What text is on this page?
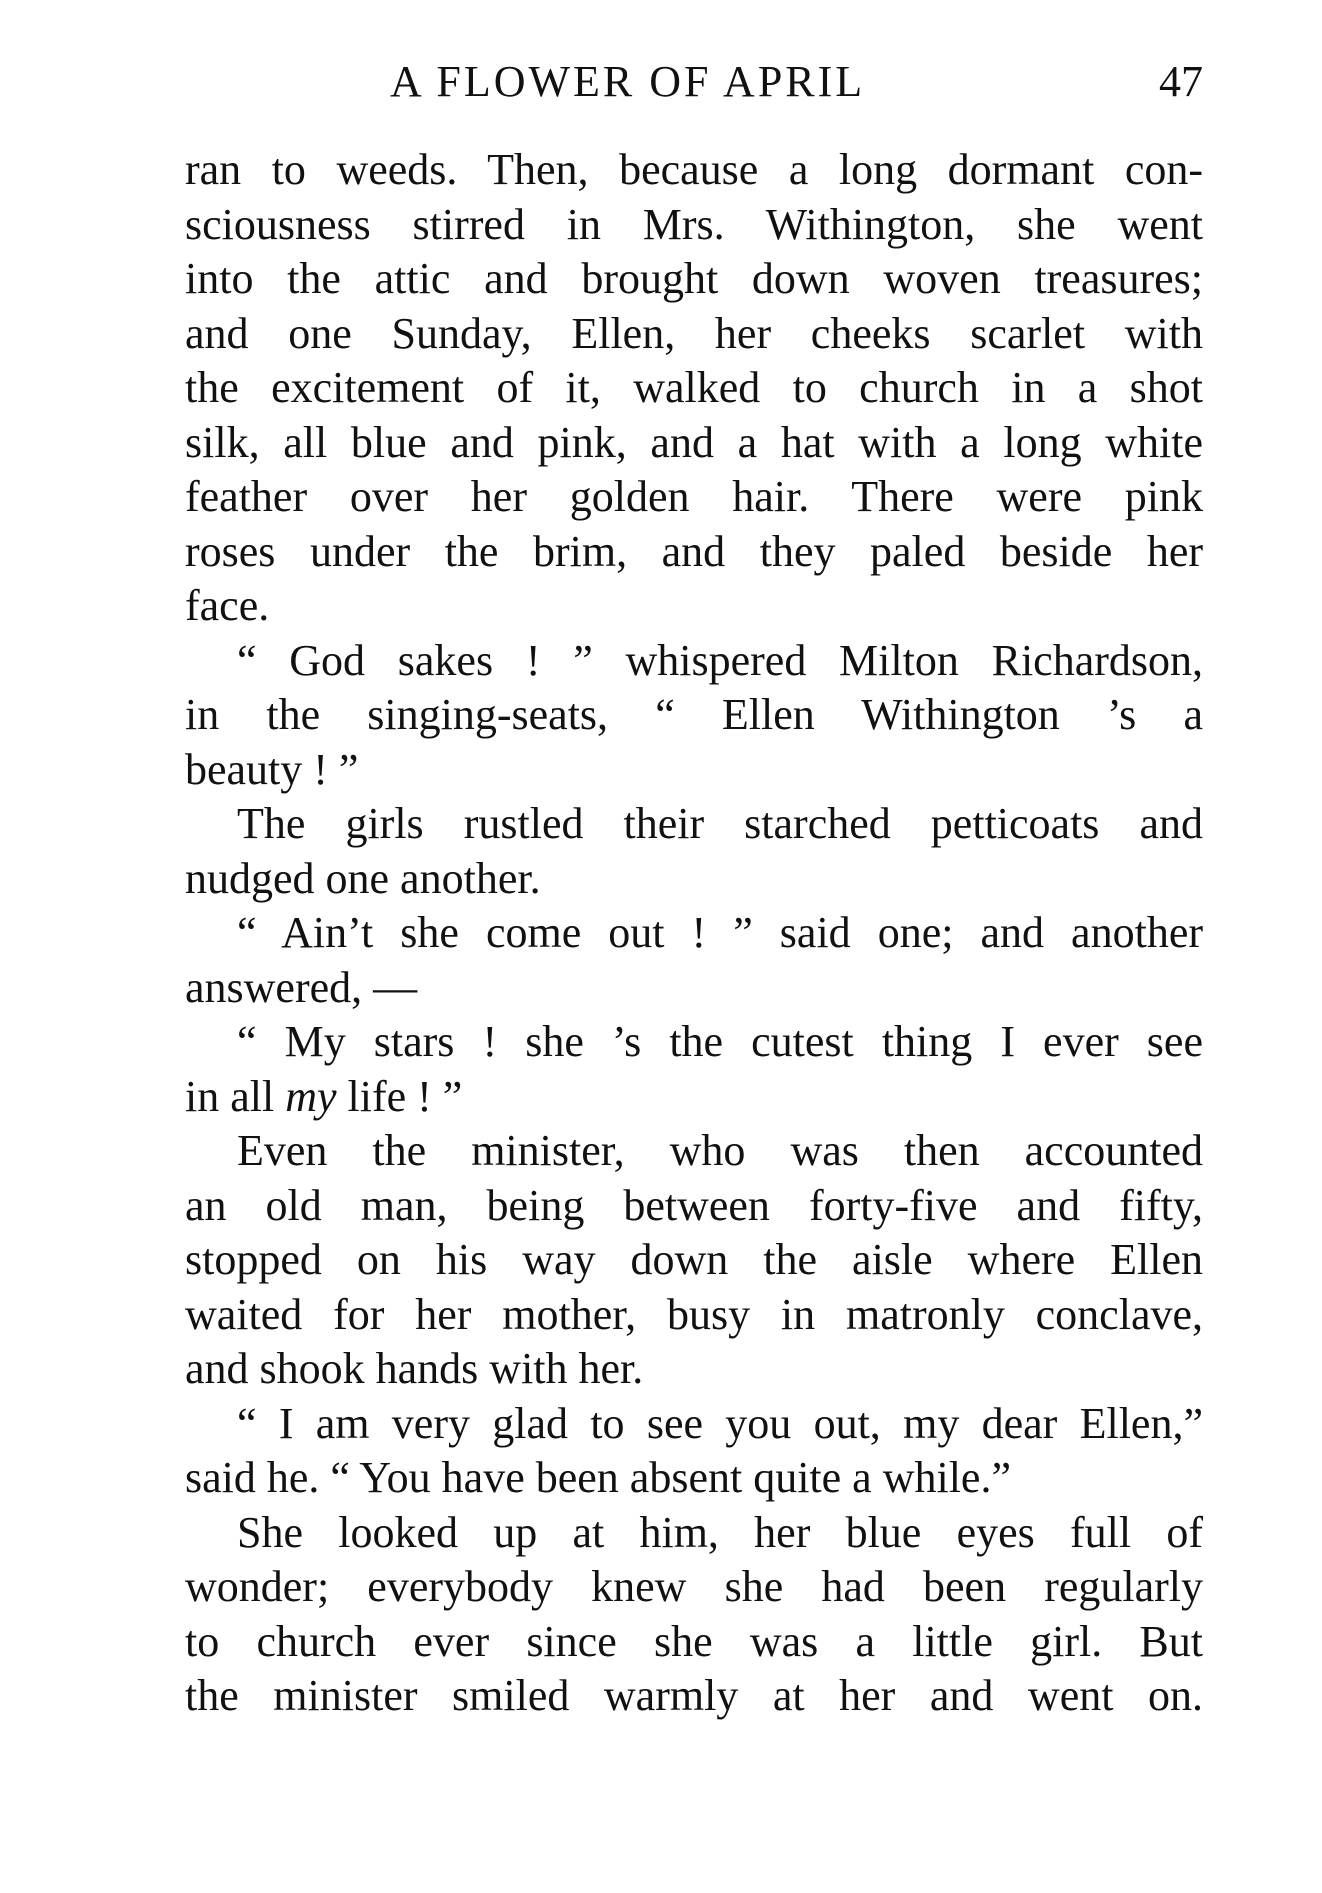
A FLOWER OF APRIL	47
ran to weeds. Then, because a long dormant con-
sciousness stirred in Mrs. Withington, she went
into the attic and brought down woven treasures;
and one Sunday, Ellen, her cheeks scarlet with
the excitement of it, walked to church in a shot
silk, all blue and pink, and a hat with a long white
feather over her golden hair. There were pink
roses under the brim, and they paled beside her
face.
“ God sakes ! ” whispered Milton Richardson,
in the singing-seats, “ Ellen Withington ’s a
beauty ! ”
The girls rustled their starched petticoats and
nudged one another.
“ Ain’t she come out ! ” said one; and another
answered, —
“ My stars ! she ’s the cutest thing I ever see
in all my life ! ”
Even the minister, who was then accounted
an old man, being between forty-five and fifty,
stopped on his way down the aisle where Ellen
waited for her mother, busy in matronly conclave,
and shook hands with her.
“ I am very glad to see you out, my dear Ellen,”
said he. “ You have been absent quite a while.”
She looked up at him, her blue eyes full of
wonder; everybody knew she had been regularly
to church ever since she was a little girl. But
the minister smiled warmly at her and went on.
